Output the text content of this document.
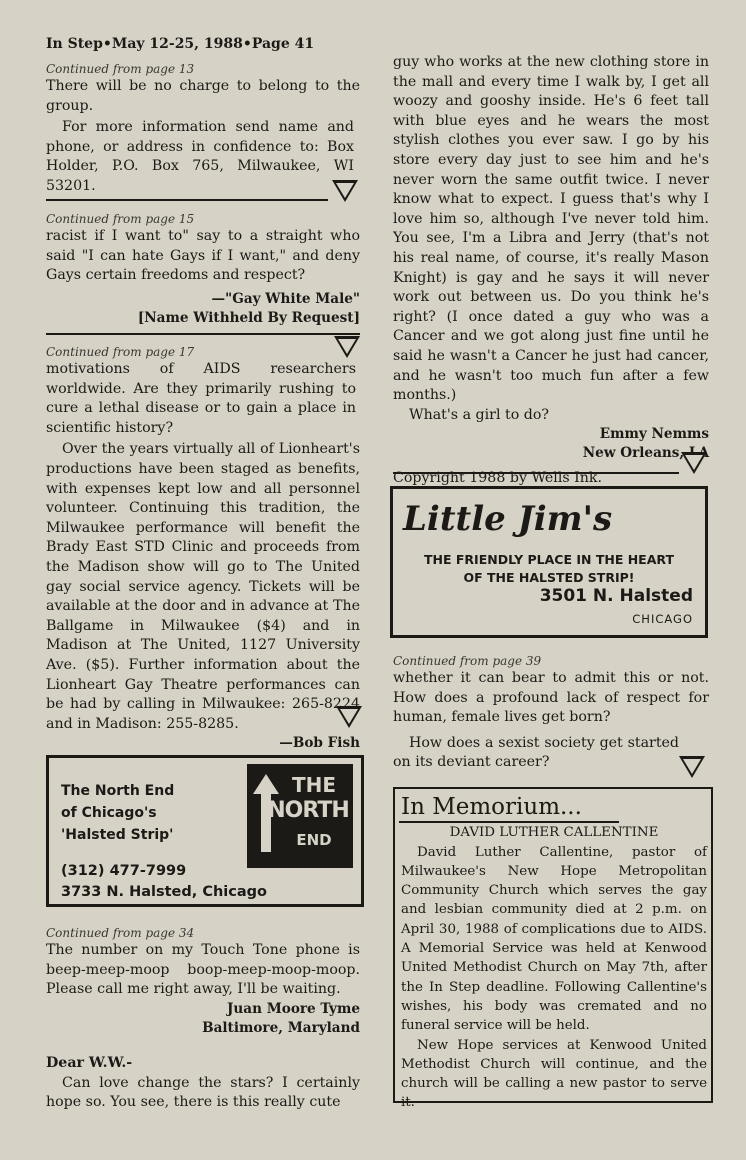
In Step•May 12-25, 1988•Page 41

Continued from page 13

There will be no charge to belong to the group.

For more information send name and phone, or address in confidence to: Box Holder, P.O. Box 765, Milwaukee, WI 53201.

Continued from page 15

racist if I want to" say to a straight who said "I can hate Gays if I want," and deny Gays certain freedoms and respect?

—"Gay White Male"

[Name Withheld By Request]

Continued from page 17

motivations of AIDS researchers worldwide. Are they primarily rushing to cure a lethal disease or to gain a place in scientific history?

Over the years virtually all of Lionheart's productions have been staged as benefits, with expenses kept low and all personnel volunteer. Continuing this tradition, the Milwaukee performance will benefit the Brady East STD Clinic and proceeds from the Madison show will go to The United gay social service agency. Tickets will be available at the door and in advance at The Ballgame in Milwaukee ($4) and in Madison at The United, 1127 University Ave. ($5). Further information about the Lionheart Gay Theatre performances can be had by calling in Milwaukee: 265-8224 and in Madison: 255-8285.

—Bob Fish

The North End
of Chicago's
'Halsted Strip'
(312) 477-7999
3733 N. Halsted, Chicago
THE
NORTH
END

Continued from page 34

The number on my Touch Tone phone is beep-meep-moop boop-meep-moop-moop. Please call me right away, I'll be waiting.

Juan Moore Tyme

Baltimore, Maryland

Dear W.W.-

Can love change the stars? I certainly hope so. You see, there is this really cute

guy who works at the new clothing store in the mall and every time I walk by, I get all woozy and gooshy inside. He's 6 feet tall with blue eyes and he wears the most stylish clothes you ever saw. I go by his store every day just to see him and he's never worn the same outfit twice. I never know what to expect. I guess that's why I love him so, although I've never told him. You see, I'm a Libra and Jerry (that's not his real name, of course, it's really Mason Knight) is gay and he says it will never work out between us. Do you think he's right? (I once dated a guy who was a Cancer and we got along just fine until he said he wasn't a Cancer he just had cancer, and he wasn't too much fun after a few months.)

What's a girl to do?

Emmy Nemms

New Orleans, LA

Copyright 1988 by Wells Ink.

Little Jim's
THE FRIENDLY PLACE IN THE HEART
OF THE HALSTED STRIP!
3501 N. Halsted
CHICAGO

Continued from page 39

whether it can bear to admit this or not. How does a profound lack of respect for human, female lives get born?

How does a sexist society get started on its deviant career?

In Memorium...

DAVID LUTHER CALLENTINE

David Luther Callentine, pastor of Milwaukee's New Hope Metropolitan Community Church which serves the gay and lesbian community died at 2 p.m. on April 30, 1988 of complications due to AIDS. A Memorial Service was held at Kenwood United Methodist Church on May 7th, after the In Step deadline. Following Callentine's wishes, his body was cremated and no funeral service will be held.

New Hope services at Kenwood United Methodist Church will continue, and the church will be calling a new pastor to serve it.
